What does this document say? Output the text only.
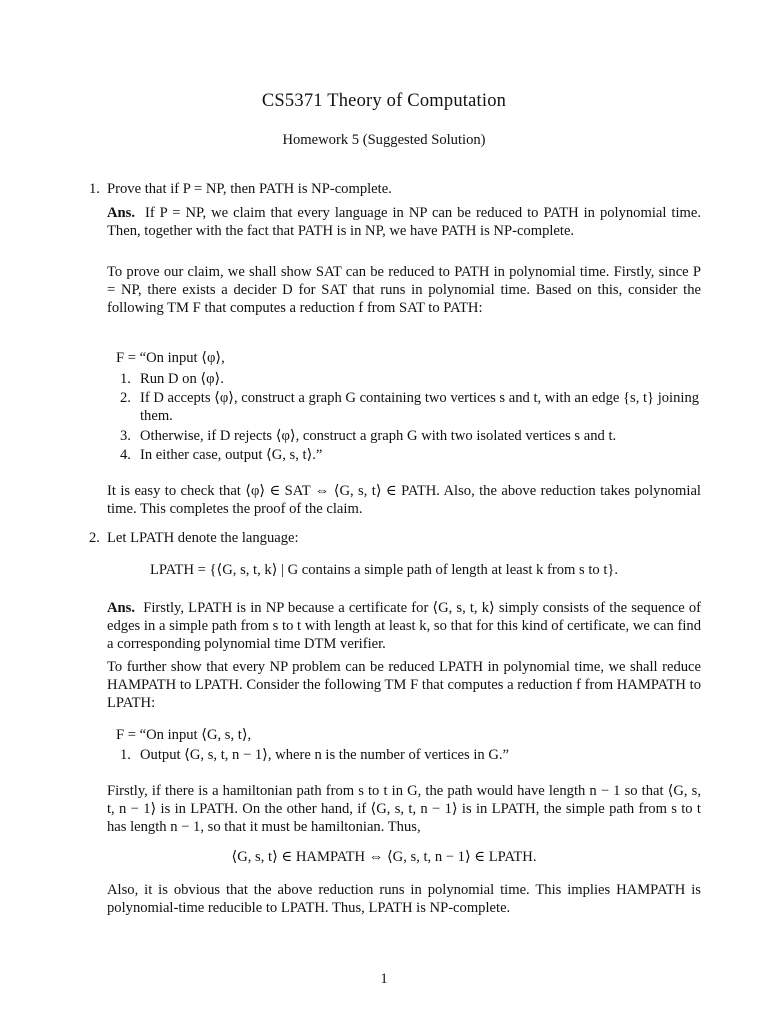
CS5371 Theory of Computation
Homework 5 (Suggested Solution)
1. Prove that if P = NP, then PATH is NP-complete.
Ans. If P = NP, we claim that every language in NP can be reduced to PATH in polynomial time. Then, together with the fact that PATH is in NP, we have PATH is NP-complete.
To prove our claim, we shall show SAT can be reduced to PATH in polynomial time. Firstly, since P = NP, there exists a decider D for SAT that runs in polynomial time. Based on this, consider the following TM F that computes a reduction f from SAT to PATH:
F = “On input ⟨φ⟩,
1. Run D on ⟨φ⟩.
2. If D accepts ⟨φ⟩, construct a graph G containing two vertices s and t, with an edge {s, t} joining them.
3. Otherwise, if D rejects ⟨φ⟩, construct a graph G with two isolated vertices s and t.
4. In either case, output ⟨G, s, t⟩.”
It is easy to check that ⟨φ⟩ ∈ SAT ⇔ ⟨G, s, t⟩ ∈ PATH. Also, the above reduction takes polynomial time. This completes the proof of the claim.
2. Let LPATH denote the language:
LPATH = {⟨G, s, t, k⟩ | G contains a simple path of length at least k from s to t}.
Ans. Firstly, LPATH is in NP because a certificate for ⟨G, s, t, k⟩ simply consists of the sequence of edges in a simple path from s to t with length at least k, so that for this kind of certificate, we can find a corresponding polynomial time DTM verifier.
To further show that every NP problem can be reduced LPATH in polynomial time, we shall reduce HAMPATH to LPATH. Consider the following TM F that computes a reduction f from HAMPATH to LPATH:
F = “On input ⟨G, s, t⟩,
1. Output ⟨G, s, t, n − 1⟩, where n is the number of vertices in G.”
Firstly, if there is a hamiltonian path from s to t in G, the path would have length n − 1 so that ⟨G, s, t, n − 1⟩ is in LPATH. On the other hand, if ⟨G, s, t, n − 1⟩ is in LPATH, the simple path from s to t has length n − 1, so that it must be hamiltonian. Thus,
⟨G, s, t⟩ ∈ HAMPATH ⇔ ⟨G, s, t, n − 1⟩ ∈ LPATH.
Also, it is obvious that the above reduction runs in polynomial time. This implies HAMPATH is polynomial-time reducible to LPATH. Thus, LPATH is NP-complete.
1
